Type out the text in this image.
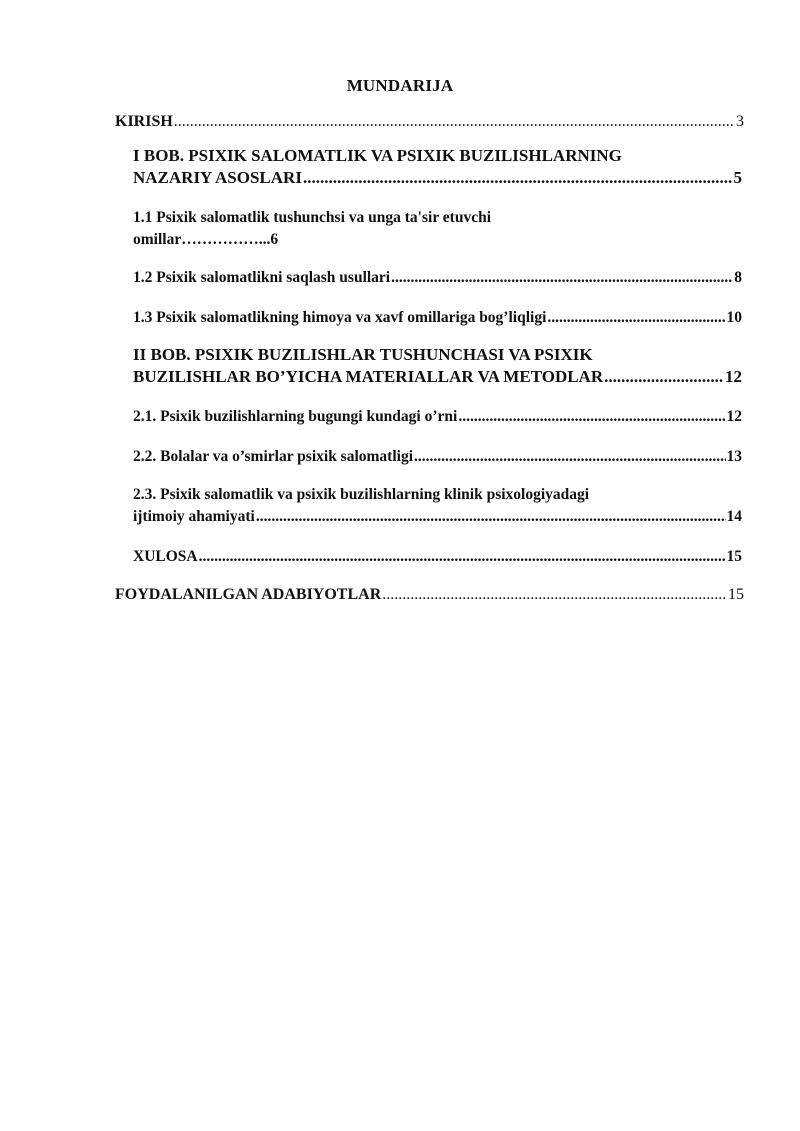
MUNDARIJA
KIRISH .....	3
I BOB. PSIXIK SALOMATLIK VA PSIXIK BUZILISHLARNING
NAZARIY ASOSLARI .....	5
1.1 Psixik salomatlik tushunchsi va unga ta'sir etuvchi
omillar……………...6
1.2 Psixik salomatlikni saqlash usullari .....	8
1.3 Psixik salomatlikning himoya va xavf omillariga bog’liqligi .....	10
II BOB. PSIXIK BUZILISHLAR TUSHUNCHASI VA PSIXIK
BUZILISHLAR BO’YICHA MATERIALLAR VA METODLAR .....	12
2.1. Psixik buzilishlarning bugungi kundagi o’rni .....	12
2.2. Bolalar va o’smirlar psixik salomatligi .....	13
2.3. Psixik salomatlik va psixik buzilishlarning klinik psixologiyadagi
ijtimoiy ahamiyati .....	14
XULOSA .....	15
FOYDALANILGAN ADABIYOTLAR .....	15
